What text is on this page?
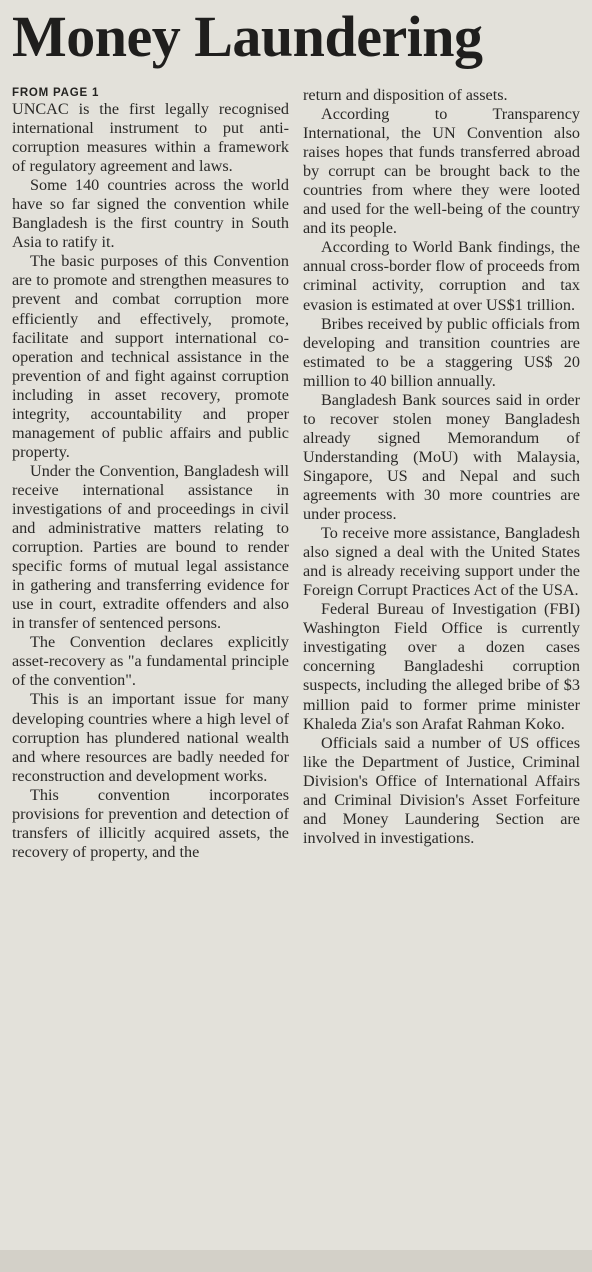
Money Laundering
FROM PAGE 1

UNCAC is the first legally recognised international instrument to put anti-corruption measures within a framework of regulatory agreement and laws.

Some 140 countries across the world have so far signed the convention while Bangladesh is the first country in South Asia to ratify it.

The basic purposes of this Convention are to promote and strengthen measures to prevent and combat corruption more efficiently and effectively, promote, facilitate and support international co-operation and technical assistance in the prevention of and fight against corruption including in asset recovery, promote integrity, accountability and proper management of public affairs and public property.

Under the Convention, Bangladesh will receive international assistance in investigations of and proceedings in civil and administrative matters relating to corruption. Parties are bound to render specific forms of mutual legal assistance in gathering and transferring evidence for use in court, extradite offenders and also in transfer of sentenced persons.

The Convention declares explicitly asset-recovery as "a fundamental principle of the convention".

This is an important issue for many developing countries where a high level of corruption has plundered national wealth and where resources are badly needed for reconstruction and development works.

This convention incorporates provisions for prevention and detection of transfers of illicitly acquired assets, the recovery of property, and the

return and disposition of assets.

According to Transparency International, the UN Convention also raises hopes that funds transferred abroad by corrupt can be brought back to the countries from where they were looted and used for the well-being of the country and its people.

According to World Bank findings, the annual cross-border flow of proceeds from criminal activity, corruption and tax evasion is estimated at over US$1 trillion.

Bribes received by public officials from developing and transition countries are estimated to be a staggering US$ 20 million to 40 billion annually.

Bangladesh Bank sources said in order to recover stolen money Bangladesh already signed Memorandum of Understanding (MoU) with Malaysia, Singapore, US and Nepal and such agreements with 30 more countries are under process.

To receive more assistance, Bangladesh also signed a deal with the United States and is already receiving support under the Foreign Corrupt Practices Act of the USA.

Federal Bureau of Investigation (FBI) Washington Field Office is currently investigating over a dozen cases concerning Bangladeshi corruption suspects, including the alleged bribe of $3 million paid to former prime minister Khaleda Zia's son Arafat Rahman Koko.

Officials said a number of US offices like the Department of Justice, Criminal Division's Office of International Affairs and Criminal Division's Asset Forfeiture and Money Laundering Section are involved in investigations.
